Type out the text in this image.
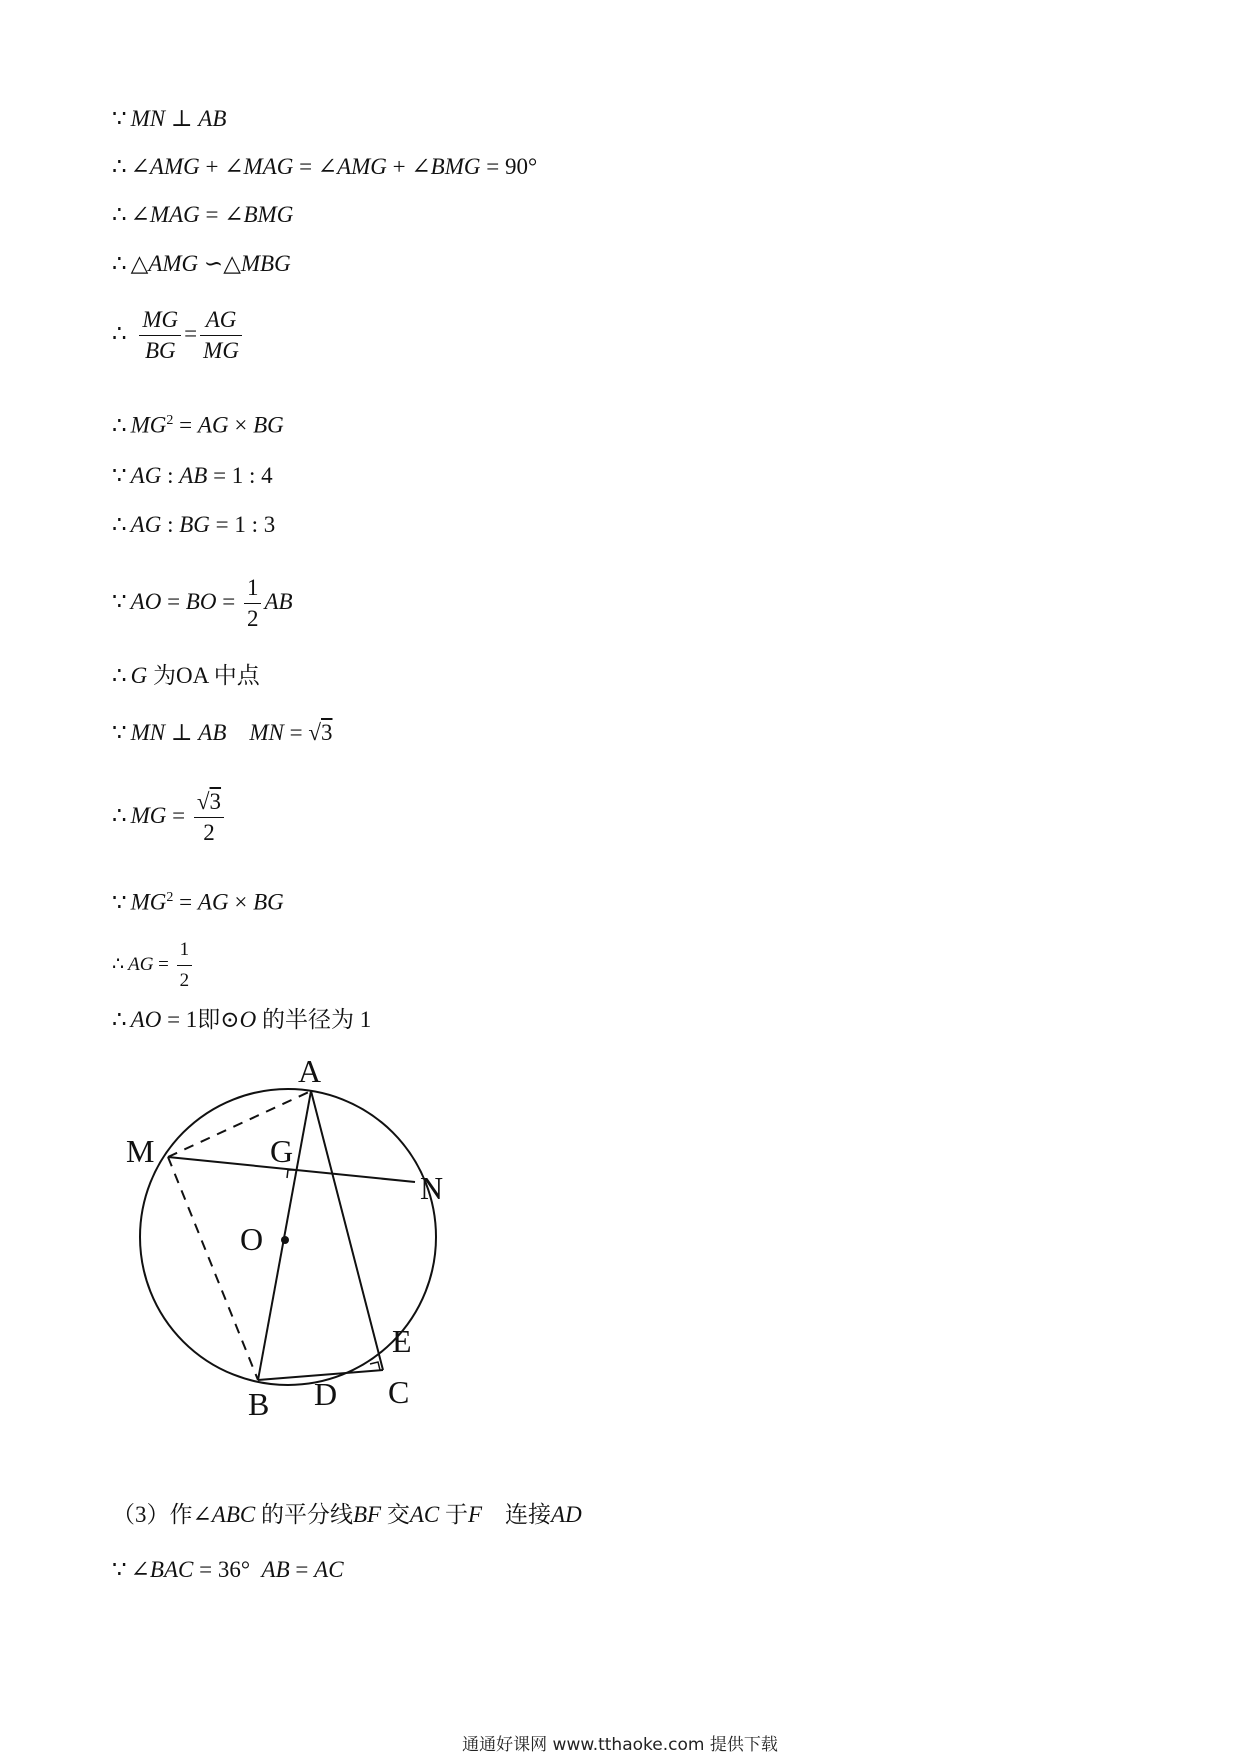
∵ MN ⊥ AB
∴ ∠AMG + ∠MAG = ∠AMG + ∠BMG = 90°
∴ ∠MAG = ∠BMG
∴ △AMG ∽△MBG
∴ $\frac{MG}{BG} = \frac{AG}{MG}$
∴ $MG^2$ = AG × BG
∵ AG : AB = 1 : 4
∴ AG : BG = 1 : 3
∵ AO = BO = $\frac{1}{2}$ AB
∴ G 为OA 中点
∵ MN ⊥ AB MN = √3
∴ MG = $\frac{√3}{2}$
∵ $MG^2$ = AG × BG
∴ AG = $\frac{1}{2}$
∴ AO = 1即⊙O 的半径为 1
A
M	G
N
O
E
B D C
（3）作∠ABC 的平分线BF 交AC 于F　连接AD
∵ ∠BAC = 36°  AB = AC
通通好课网 www.tthaoke.com 提供下载
